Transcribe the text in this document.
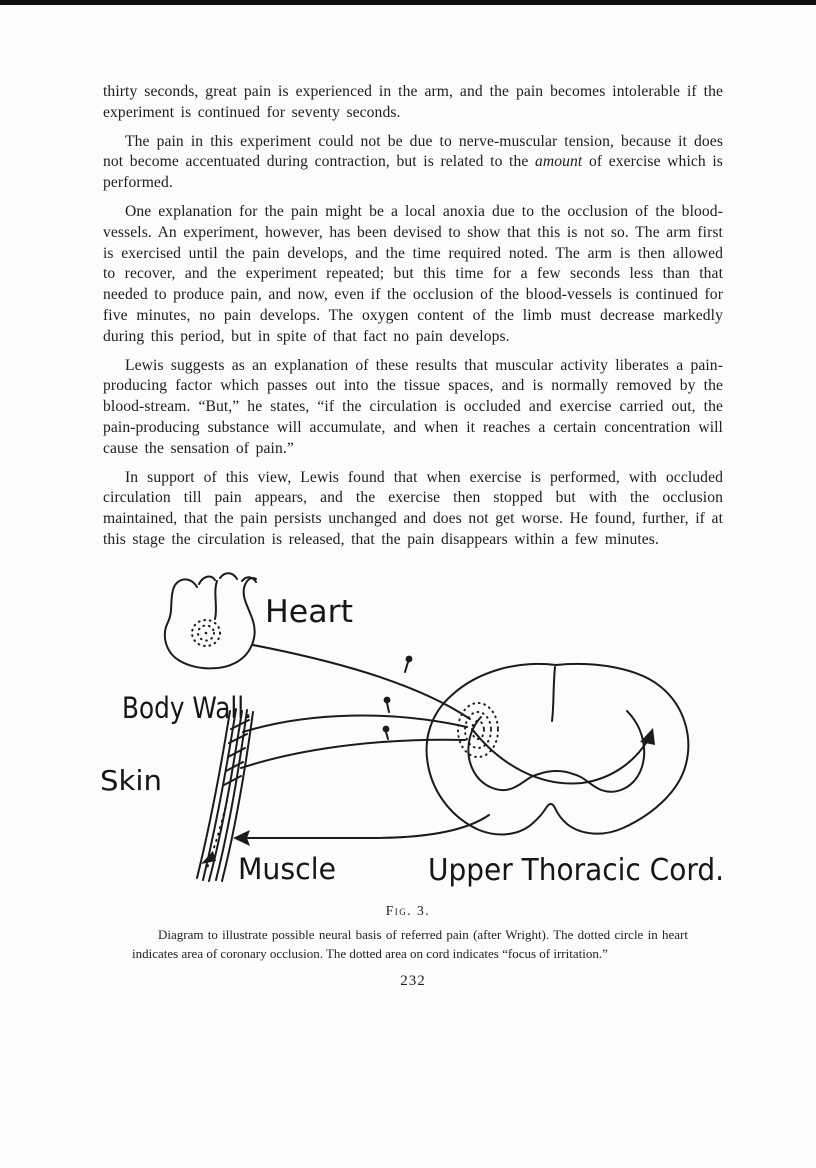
thirty seconds, great pain is experienced in the arm, and the pain becomes intolerable if the experiment is continued for seventy seconds.

The pain in this experiment could not be due to nerve-muscular tension, because it does not become accentuated during contraction, but is related to the amount of exercise which is performed.

One explanation for the pain might be a local anoxia due to the occlusion of the blood-vessels. An experiment, however, has been devised to show that this is not so. The arm first is exercised until the pain develops, and the time required noted. The arm is then allowed to recover, and the experiment repeated; but this time for a few seconds less than that needed to produce pain, and now, even if the occlusion of the blood-vessels is continued for five minutes, no pain develops. The oxygen content of the limb must decrease markedly during this period, but in spite of that fact no pain develops.

Lewis suggests as an explanation of these results that muscular activity liberates a pain-producing factor which passes out into the tissue spaces, and is normally removed by the blood-stream. “But,” he states, “if the circulation is occluded and exercise carried out, the pain-producing substance will accumulate, and when it reaches a certain concentration will cause the sensation of pain.”

In support of this view, Lewis found that when exercise is performed, with occluded circulation till pain appears, and the exercise then stopped but with the occlusion maintained, that the pain persists unchanged and does not get worse. He found, further, if at this stage the circulation is released, that the pain disappears within a few minutes.

Heart
Body Wall.
Skin
Muscle	Upper Thoracic Cord.
Fig. 3.

Diagram to illustrate possible neural basis of referred pain (after Wright). The dotted circle in heart indicates area of coronary occlusion. The dotted area on cord indicates “focus of irritation.”

232
